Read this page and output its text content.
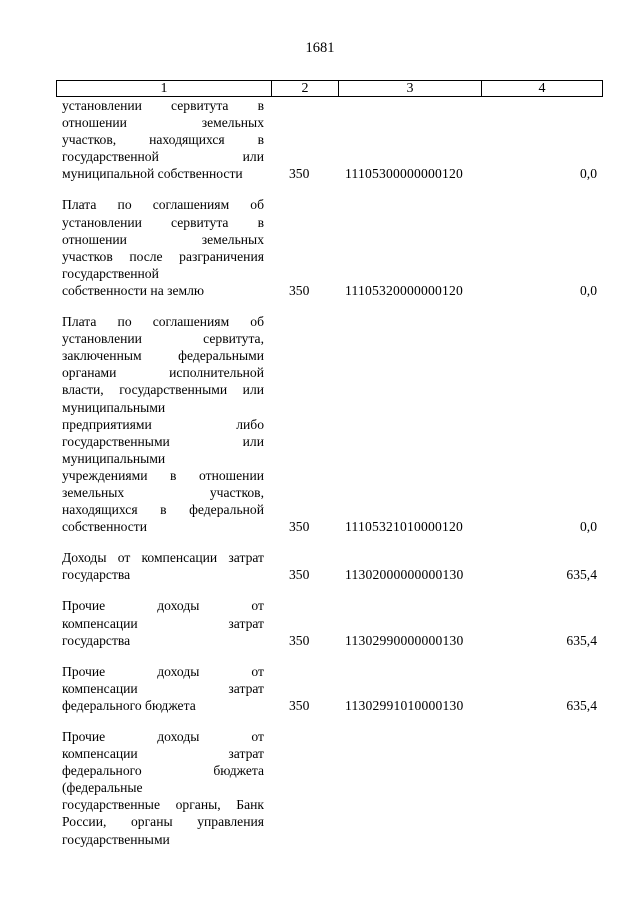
1681
1	2	3	4
установлении сервитута в
отношении земельных
участков, находящихся в
государственной или
муниципальной собственности	350	11105300000000120	0,0
Плата по соглашениям об
установлении сервитута в
отношении земельных
участков после разграничения
государственной
собственности на землю	350	11105320000000120	0,0
Плата по соглашениям об
установлении сервитута,
заключенным федеральными
органами исполнительной
власти, государственными или
муниципальными
предприятиями либо
государственными или
муниципальными
учреждениями в отношении
земельных участков,
находящихся в федеральной
собственности	350	11105321010000120	0,0
Доходы от компенсации затрат
государства	350	11302000000000130	635,4
Прочие доходы от
компенсации затрат
государства	350	11302990000000130	635,4
Прочие доходы от
компенсации затрат
федерального бюджета	350	11302991010000130	635,4
Прочие доходы от
компенсации затрат
федерального бюджета
(федеральные
государственные органы, Банк
России, органы управления
государственными
